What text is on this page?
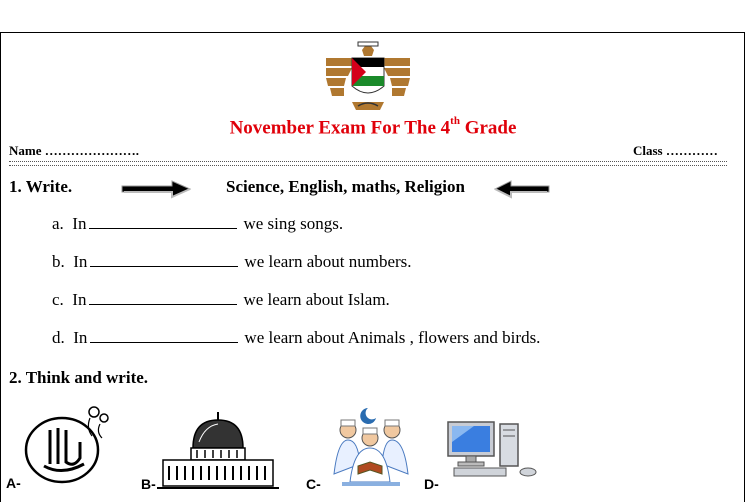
November Exam For The 4th Grade
Name ………………….	Class …………
1. Write.	Science, English, maths, Religion
a. In	we sing songs.
b. In	we learn about numbers.
c. In	we learn about Islam.
d. In	we learn about Animals , flowers and birds.
2. Think and write.
A-	B-	C-	D-
